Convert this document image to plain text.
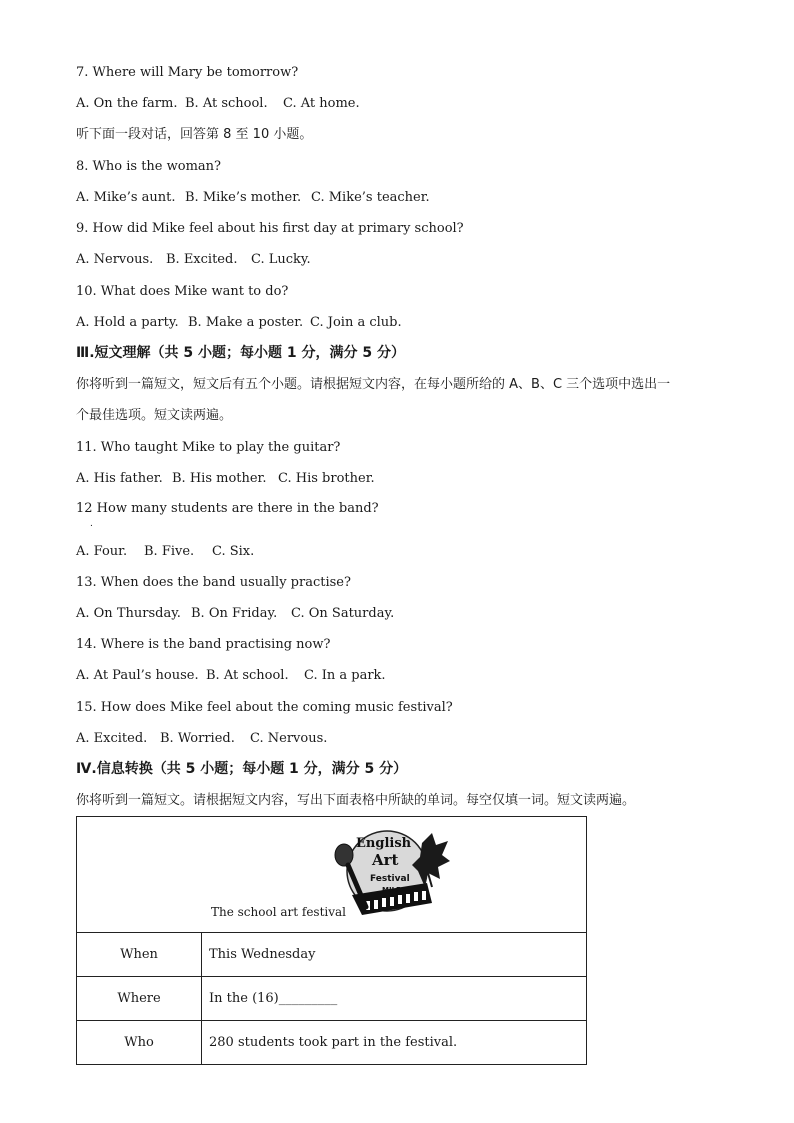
7. Where will Mary be tomorrow?
A. On the farm. B. At school. C. At home.
听下面一段对话，回答第 8 至 10 小题。
8. Who is the woman?
A. Mike’s aunt. B. Mike’s mother. C. Mike’s teacher.
9. How did Mike feel about his first day at primary school?
A. Nervous. B. Excited. C. Lucky.
10. What does Mike want to do?
A. Hold a party. B. Make a poster. C. Join a club.
Ⅲ.短文理解（共 5 小题；每小题 1 分，满分 5 分）
你将听到一篇短文，短文后有五个小题。请根据短文内容，在每小题所给的 A、B、C 三个选项中选出一
个最佳选项。短文读两遍。
11. Who taught Mike to play the guitar?
A. His father. B. His mother. C. His brother.
12 How many students are there in the band?
.
A. Four. B. Five. C. Six.
13. When does the band usually practise?
A. On Thursday. B. On Friday. C. On Saturday.
14. Where is the band practising now?
A. At Paul’s house. B. At school. C. In a park.
15. How does Mike feel about the coming music festival?
A. Excited. B. Worried. C. Nervous.
Ⅳ.信息转换（共 5 小题；每小题 1 分，满分 5 分）
你将听到一篇短文。请根据短文内容，写出下面表格中所缺的单词。每空仅填一词。短文读两遍。
English
Art
Festival
MILES
The school art festival	

When	This Wednesday
Where	In the (16)_________
Who	280 students took part in the festival.
